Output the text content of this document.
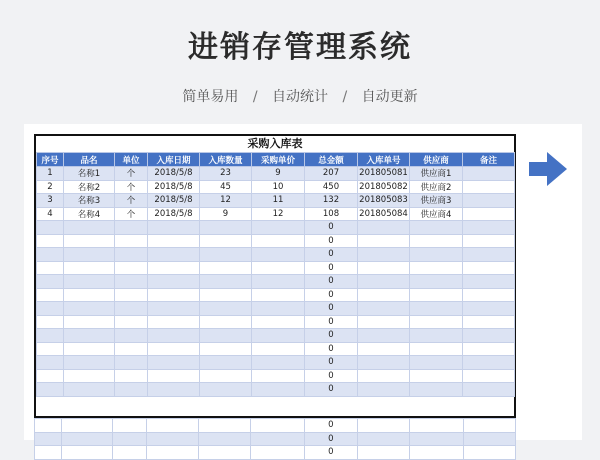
进销存管理系统
简单易用 / 自动统计 / 自动更新
采购入库表
序号	品名	单位	入库日期	入库数量	采购单价	总金额	入库单号	供应商	备注
1	名称1	个	2018/5/8	23	9	207	201805081	供应商1	
2	名称2	个	2018/5/8	45	10	450	201805082	供应商2	
3	名称3	个	2018/5/8	12	11	132	201805083	供应商3	
4	名称4	个	2018/5/8	9	12	108	201805084	供应商4	
						0			
						0			
						0			
						0			
						0			
						0			
						0			
						0			
						0			
						0			
						0			
						0			
						0			
						0			
						0			
						0			
